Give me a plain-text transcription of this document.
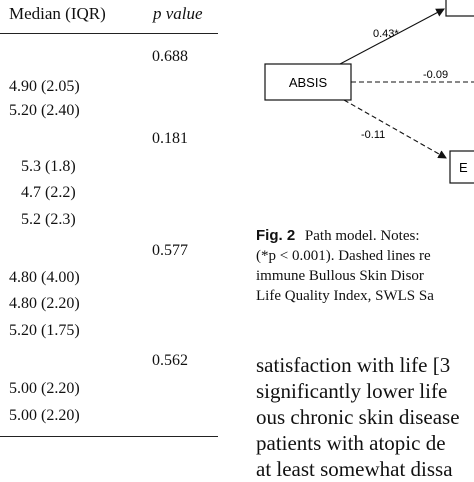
Median (IQR)	p value
0.688
4.90 (2.05)
5.20 (2.40)
0.181
5.3 (1.8)
4.7 (2.2)
5.2 (2.3)
0.577
4.80 (4.00)
4.80 (2.20)
5.20 (1.75)
0.562
5.00 (2.20)
5.00 (2.20)
ABSIS
0.43*
-0.09
-0.11
E
Fig. 2 Path model. Notes:
(*p < 0.001). Dashed lines re
immune Bullous Skin Disor
Life Quality Index, SWLS Sa
satisfaction with life [3
significantly lower life
ous chronic skin disease
patients with atopic de
at least somewhat dissa
